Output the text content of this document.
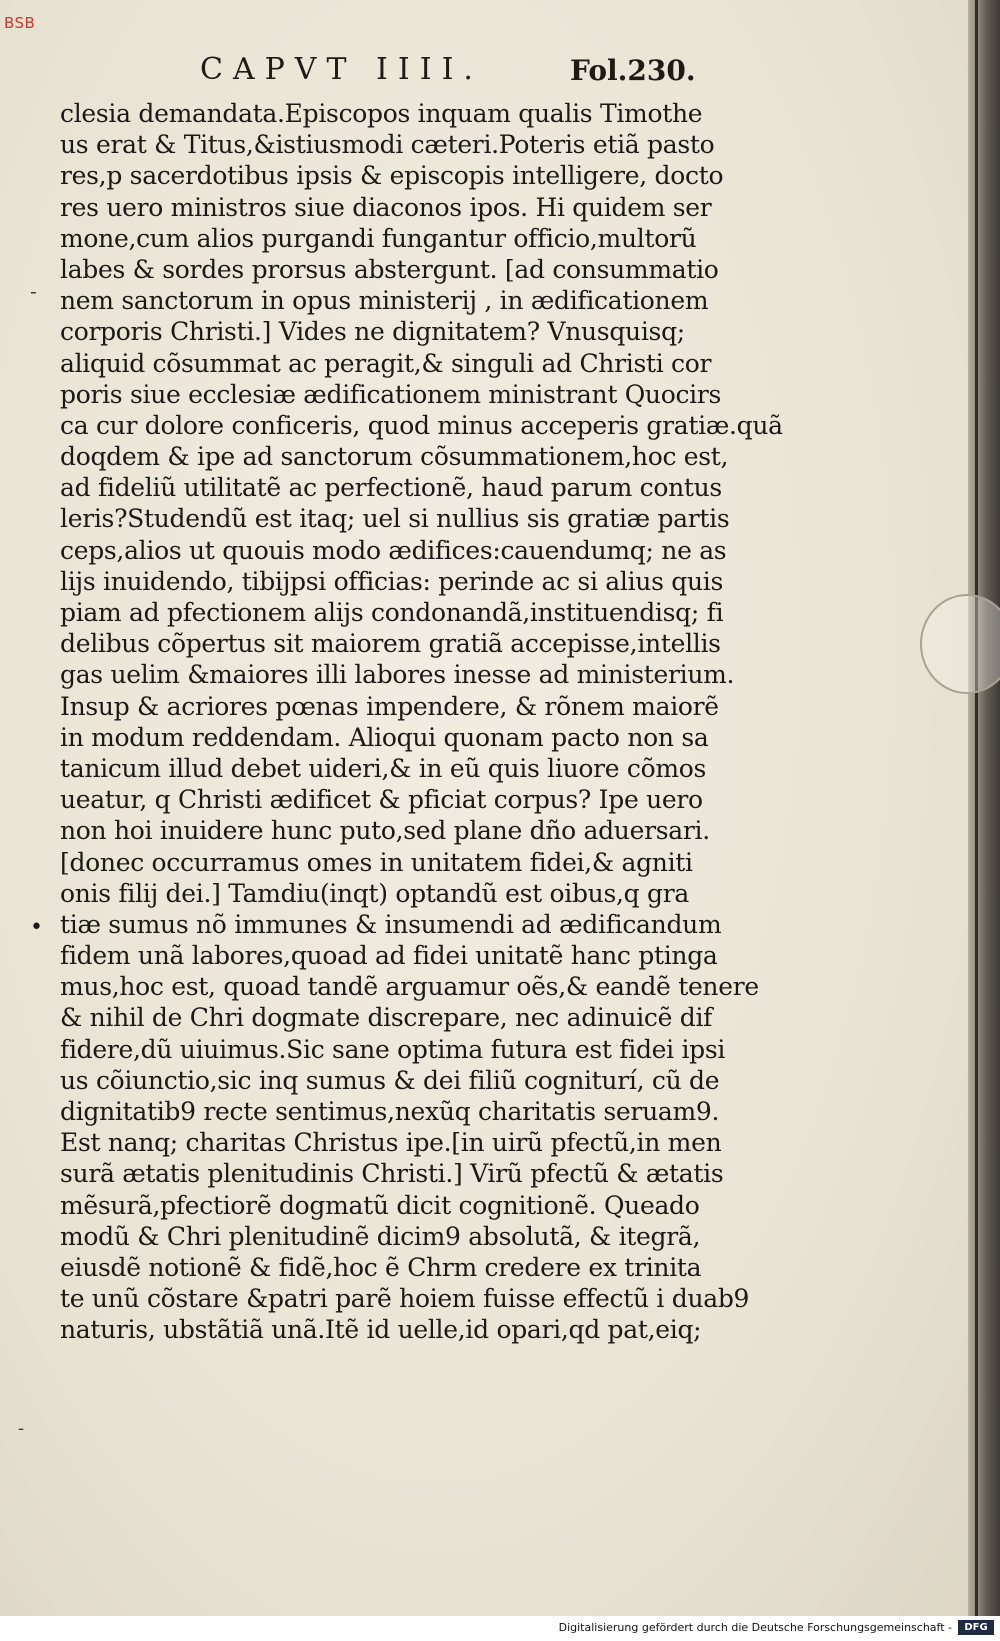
BSB
CAPVT IIII.	Fol.230.
-
•
-
clesia demandata.Episcopos inquam qualis Timothe
us erat & Titus,&istiusmodi cæteri.Poteris etiã pasto
res,p sacerdotibus ipsis & episcopis intelligere, docto
res uero ministros siue diaconos ipos. Hi quidem ser
mone,cum alios purgandi fungantur officio,multorũ
labes & sordes prorsus abstergunt. [ad consummatio
nem sanctorum in opus ministerij , in ædificationem
corporis Christi.] Vides ne dignitatem? Vnusquisq;
aliquid cõsummat ac peragit,& singuli ad Christi cor
poris siue ecclesiæ ædificationem ministrant Quocirs
ca cur dolore conficeris, quod minus acceperis gratiæ.quã
doqdem & ipe ad sanctorum cõsummationem,hoc est,
ad fideliũ utilitatẽ ac perfectionẽ, haud parum contus
leris?Studendũ est itaq; uel si nullius sis gratiæ partis
ceps,alios ut quouis modo ædifices:cauendumq; ne as
lijs inuidendo, tibijpsi officias: perinde ac si alius quis
piam ad pfectionem alijs condonandã,instituendisq; fi
delibus cõpertus sit maiorem gratiã accepisse,intellis
gas uelim &maiores illi labores inesse ad ministerium.
Insup & acriores pœnas impendere, & rõnem maiorẽ
in modum reddendam. Alioqui quonam pacto non sa
tanicum illud debet uideri,& in eũ quis liuore cõmos
ueatur, q Christi ædificet & pficiat corpus? Ipe uero
non hoi inuidere hunc puto,sed plane dño aduersari.
[donec occurramus omes in unitatem fidei,& agniti
onis filij dei.] Tamdiu(inqt) optandũ est oibus,q gra
tiæ sumus nõ immunes & insumendi ad ædificandum
fidem unã labores,quoad ad fidei unitatẽ hanc ptinga
mus,hoc est, quoad tandẽ arguamur oẽs,& eandẽ tenere
& nihil de Chri dogmate discrepare, nec adinuicẽ dif
fidere,dũ uiuimus.Sic sane optima futura est fidei ipsi
us cõiunctio,sic inq sumus & dei filiũ cogniturí, cũ de
dignitatib9 recte sentimus,nexũq charitatis seruam9.
Est nanq; charitas Christus ipe.[in uirũ pfectũ,in men
surã ætatis plenitudinis Christi.] Virũ pfectũ & ætatis
mẽsurã,pfectiorẽ dogmatũ dicit cognitionẽ. Queado
modũ & Chri plenitudinẽ dicim9 absolutã, & itegrã,
eiusdẽ notionẽ & fidẽ,hoc ẽ Chrm credere ex trinita
te unũ cõstare &patri parẽ hoiem fuisse effectũ i duab9
naturis, ubstãtiã unã.Itẽ id uelle,id opari,qd pat,eiq;
Digitalisierung gefördert durch die Deutsche Forschungsgemeinschaft -	DFG
